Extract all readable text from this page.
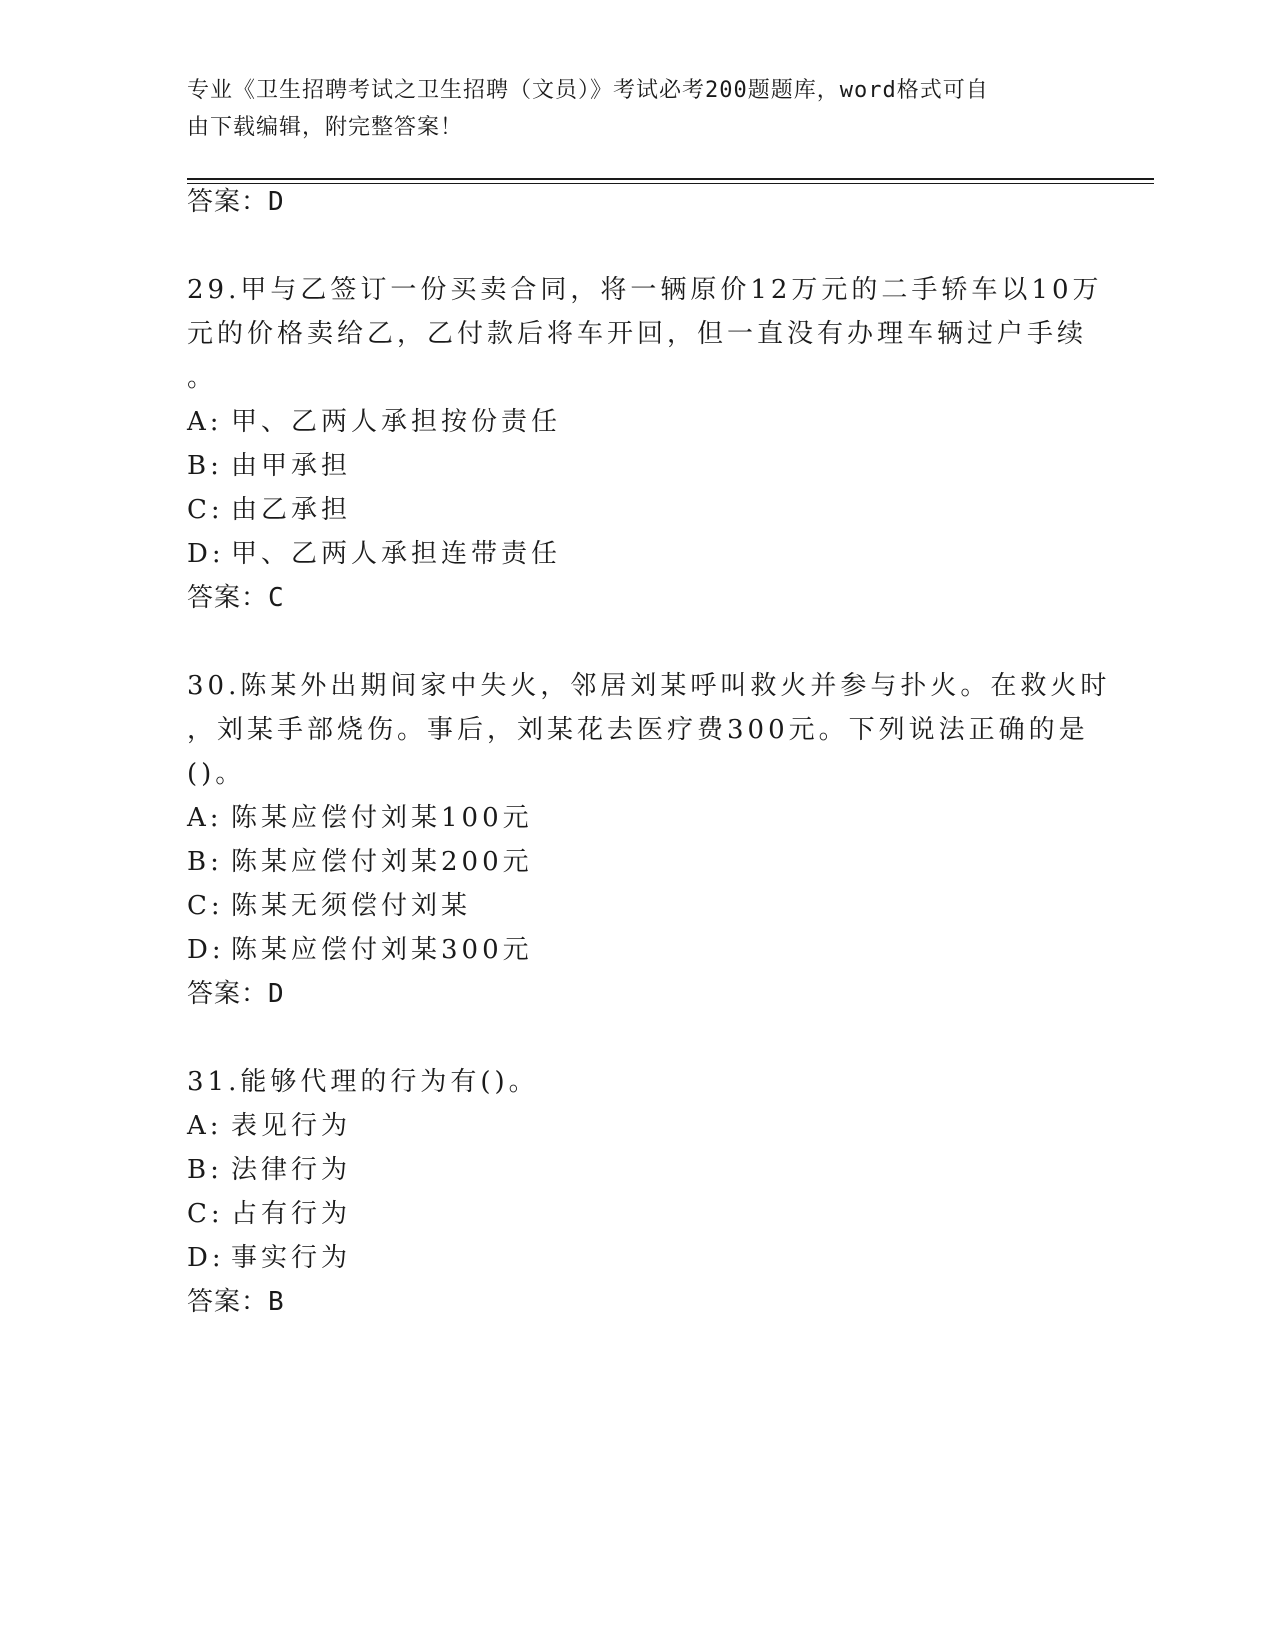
专业《卫生招聘考试之卫生招聘（文员）》考试必考200题题库，word格式可自
由下载编辑，附完整答案！
答案：D
29.甲与乙签订一份买卖合同，将一辆原价12万元的二手轿车以10万
元的价格卖给乙，乙付款后将车开回，但一直没有办理车辆过户手续
。
A: 甲、乙两人承担按份责任
B: 由甲承担
C: 由乙承担
D: 甲、乙两人承担连带责任
答案：C
30.陈某外出期间家中失火，邻居刘某呼叫救火并参与扑火。在救火时
，刘某手部烧伤。事后，刘某花去医疗费300元。下列说法正确的是
()。
A: 陈某应偿付刘某100元
B: 陈某应偿付刘某200元
C: 陈某无须偿付刘某
D: 陈某应偿付刘某300元
答案：D
31.能够代理的行为有()。
A: 表见行为
B: 法律行为
C: 占有行为
D: 事实行为
答案：B
